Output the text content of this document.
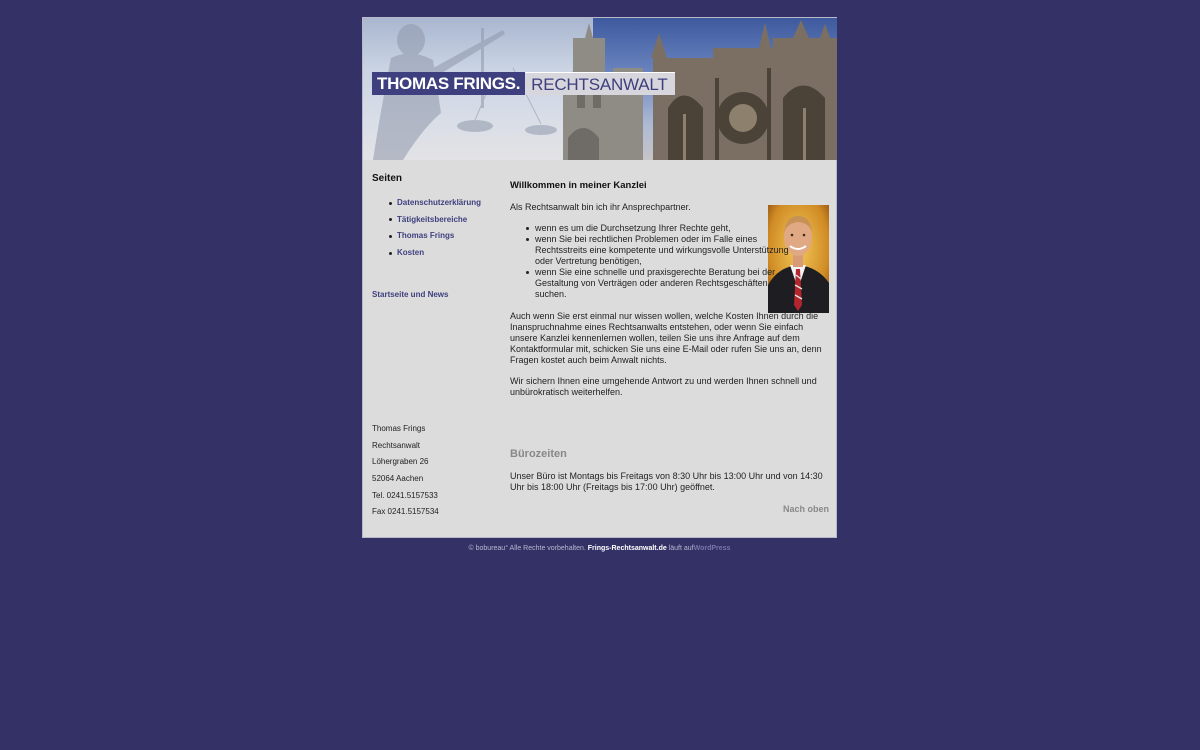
THOMAS FRINGS. RECHTSANWALT
Seiten
Datenschutzerklärung
Tätigkeitsbereiche
Thomas Frings
Kosten
Startseite und News
Thomas Frings
Rechtsanwalt
Löhergraben 26
52064 Aachen
Tel. 0241.5157533
Fax 0241.5157534
Willkommen in meiner Kanzlei

Als Rechtsanwalt bin ich ihr Ansprechpartner.

wenn es um die Durchsetzung Ihrer Rechte geht,
wenn Sie bei rechtlichen Problemen oder im Falle eines Rechtsstreits eine kompetente und wirkungsvolle Unterstützung oder Vertretung benötigen,
wenn Sie eine schnelle und praxisgerechte Beratung bei der Gestaltung von Verträgen oder anderen Rechtsgeschäften suchen.

Auch wenn Sie erst einmal nur wissen wollen, welche Kosten Ihnen durch die Inanspruchnahme eines Rechtsanwalts entstehen, oder wenn Sie einfach unsere Kanzlei kennenlernen wollen, teilen Sie uns ihre Anfrage auf dem Kontaktformular mit, schicken Sie uns eine E-Mail oder rufen Sie uns an, denn Fragen kostet auch beim Anwalt nichts.

Wir sichern Ihnen eine umgehende Antwort zu und werden Ihnen schnell und unbürokratisch weiterhelfen.

Bürozeiten

Unser Büro ist Montags bis Freitags von 8:30 Uhr bis 13:00 Uhr und von 14:30 Uhr bis 18:00 Uhr (Freitags bis 17:00 Uhr) geöffnet.

Nach oben
© bobureau° Alle Rechte vorbehalten. Frings-Rechtsanwalt.de läuft aufWordPress
